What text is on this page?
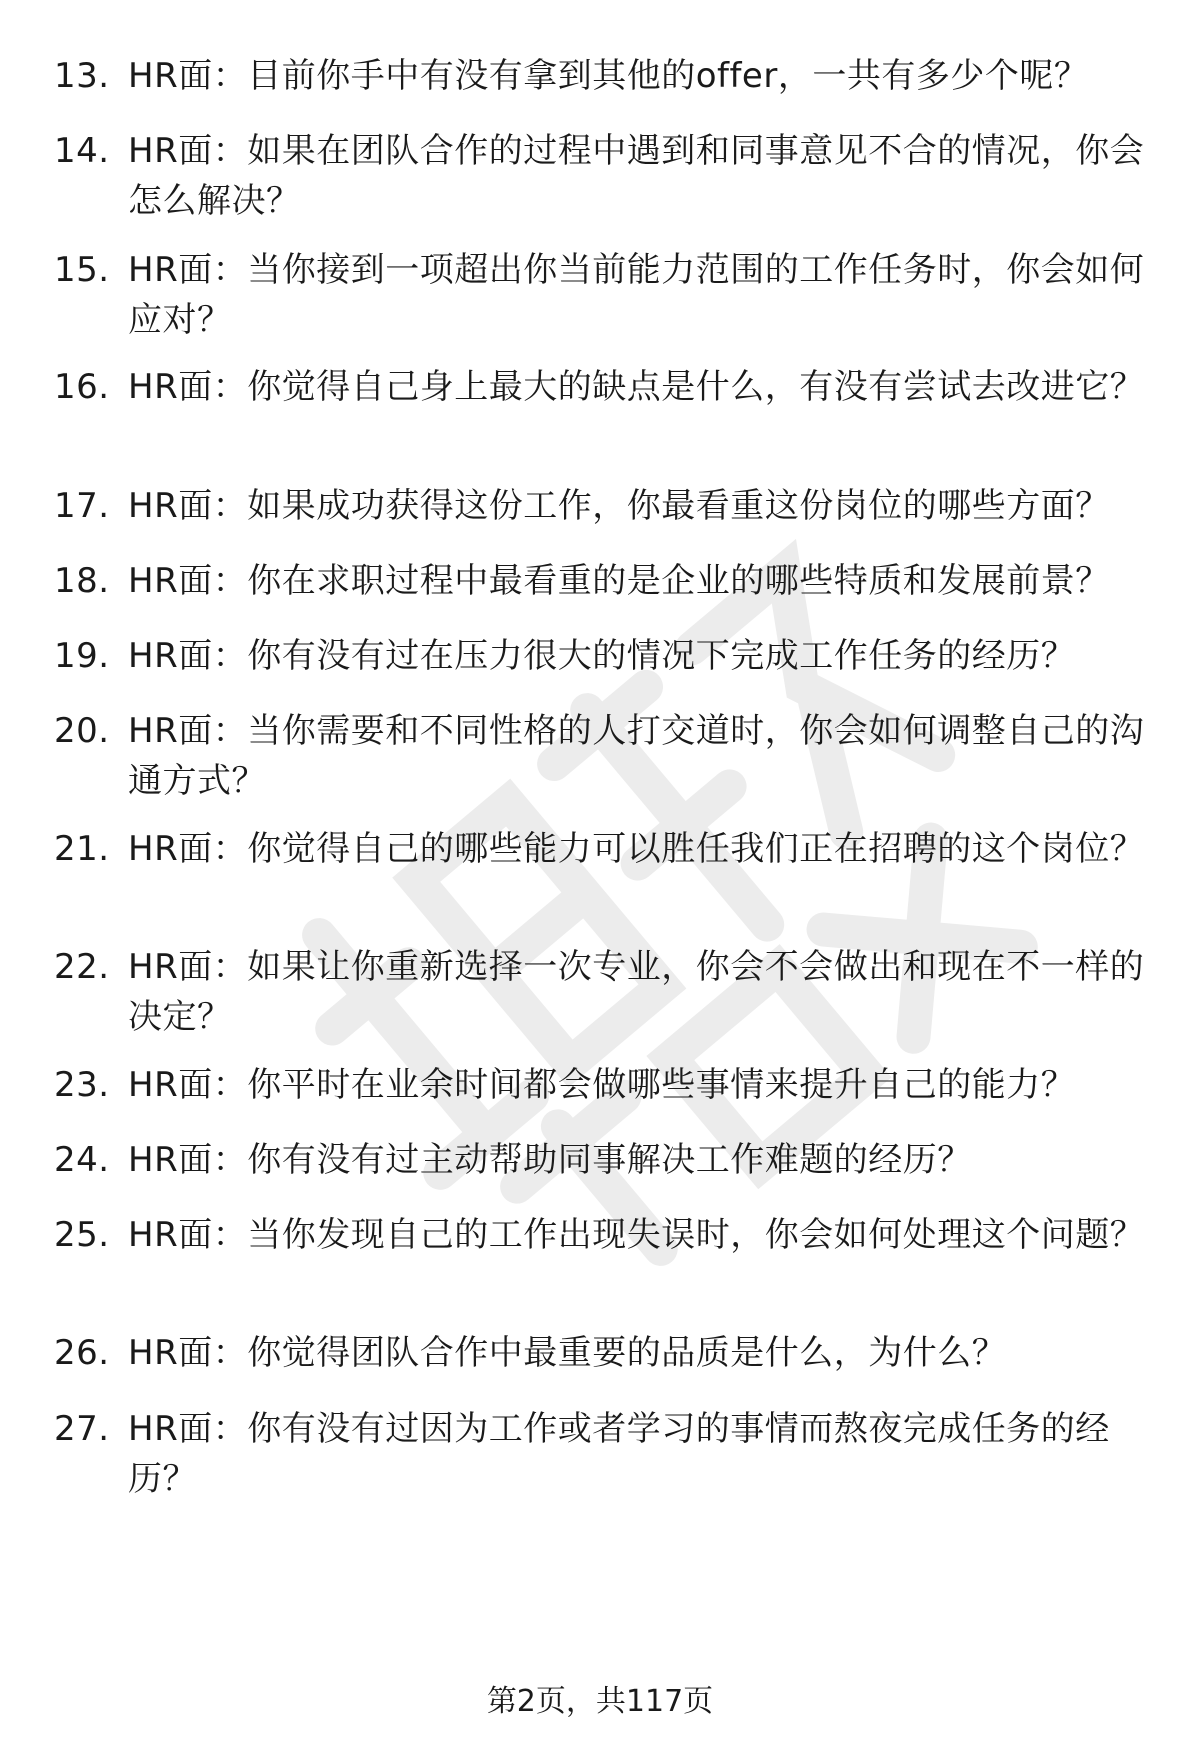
13. HR面：目前你手中有没有拿到其他的offer，一共有多少个呢？
14. HR面：如果在团队合作的过程中遇到和同事意见不合的情况，你会怎么解决？
15. HR面：当你接到一项超出你当前能力范围的工作任务时，你会如何应对？
16. HR面：你觉得自己身上最大的缺点是什么，有没有尝试去改进它？
17. HR面：如果成功获得这份工作，你最看重这份岗位的哪些方面？
18. HR面：你在求职过程中最看重的是企业的哪些特质和发展前景？
19. HR面：你有没有过在压力很大的情况下完成工作任务的经历？
20. HR面：当你需要和不同性格的人打交道时，你会如何调整自己的沟通方式？
21. HR面：你觉得自己的哪些能力可以胜任我们正在招聘的这个岗位？
22. HR面：如果让你重新选择一次专业，你会不会做出和现在不一样的决定？
23. HR面：你平时在业余时间都会做哪些事情来提升自己的能力？
24. HR面：你有没有过主动帮助同事解决工作难题的经历？
25. HR面：当你发现自己的工作出现失误时，你会如何处理这个问题？
26. HR面：你觉得团队合作中最重要的品质是什么，为什么？
27. HR面：你有没有过因为工作或者学习的事情而熬夜完成任务的经历？
第2页，共117页
